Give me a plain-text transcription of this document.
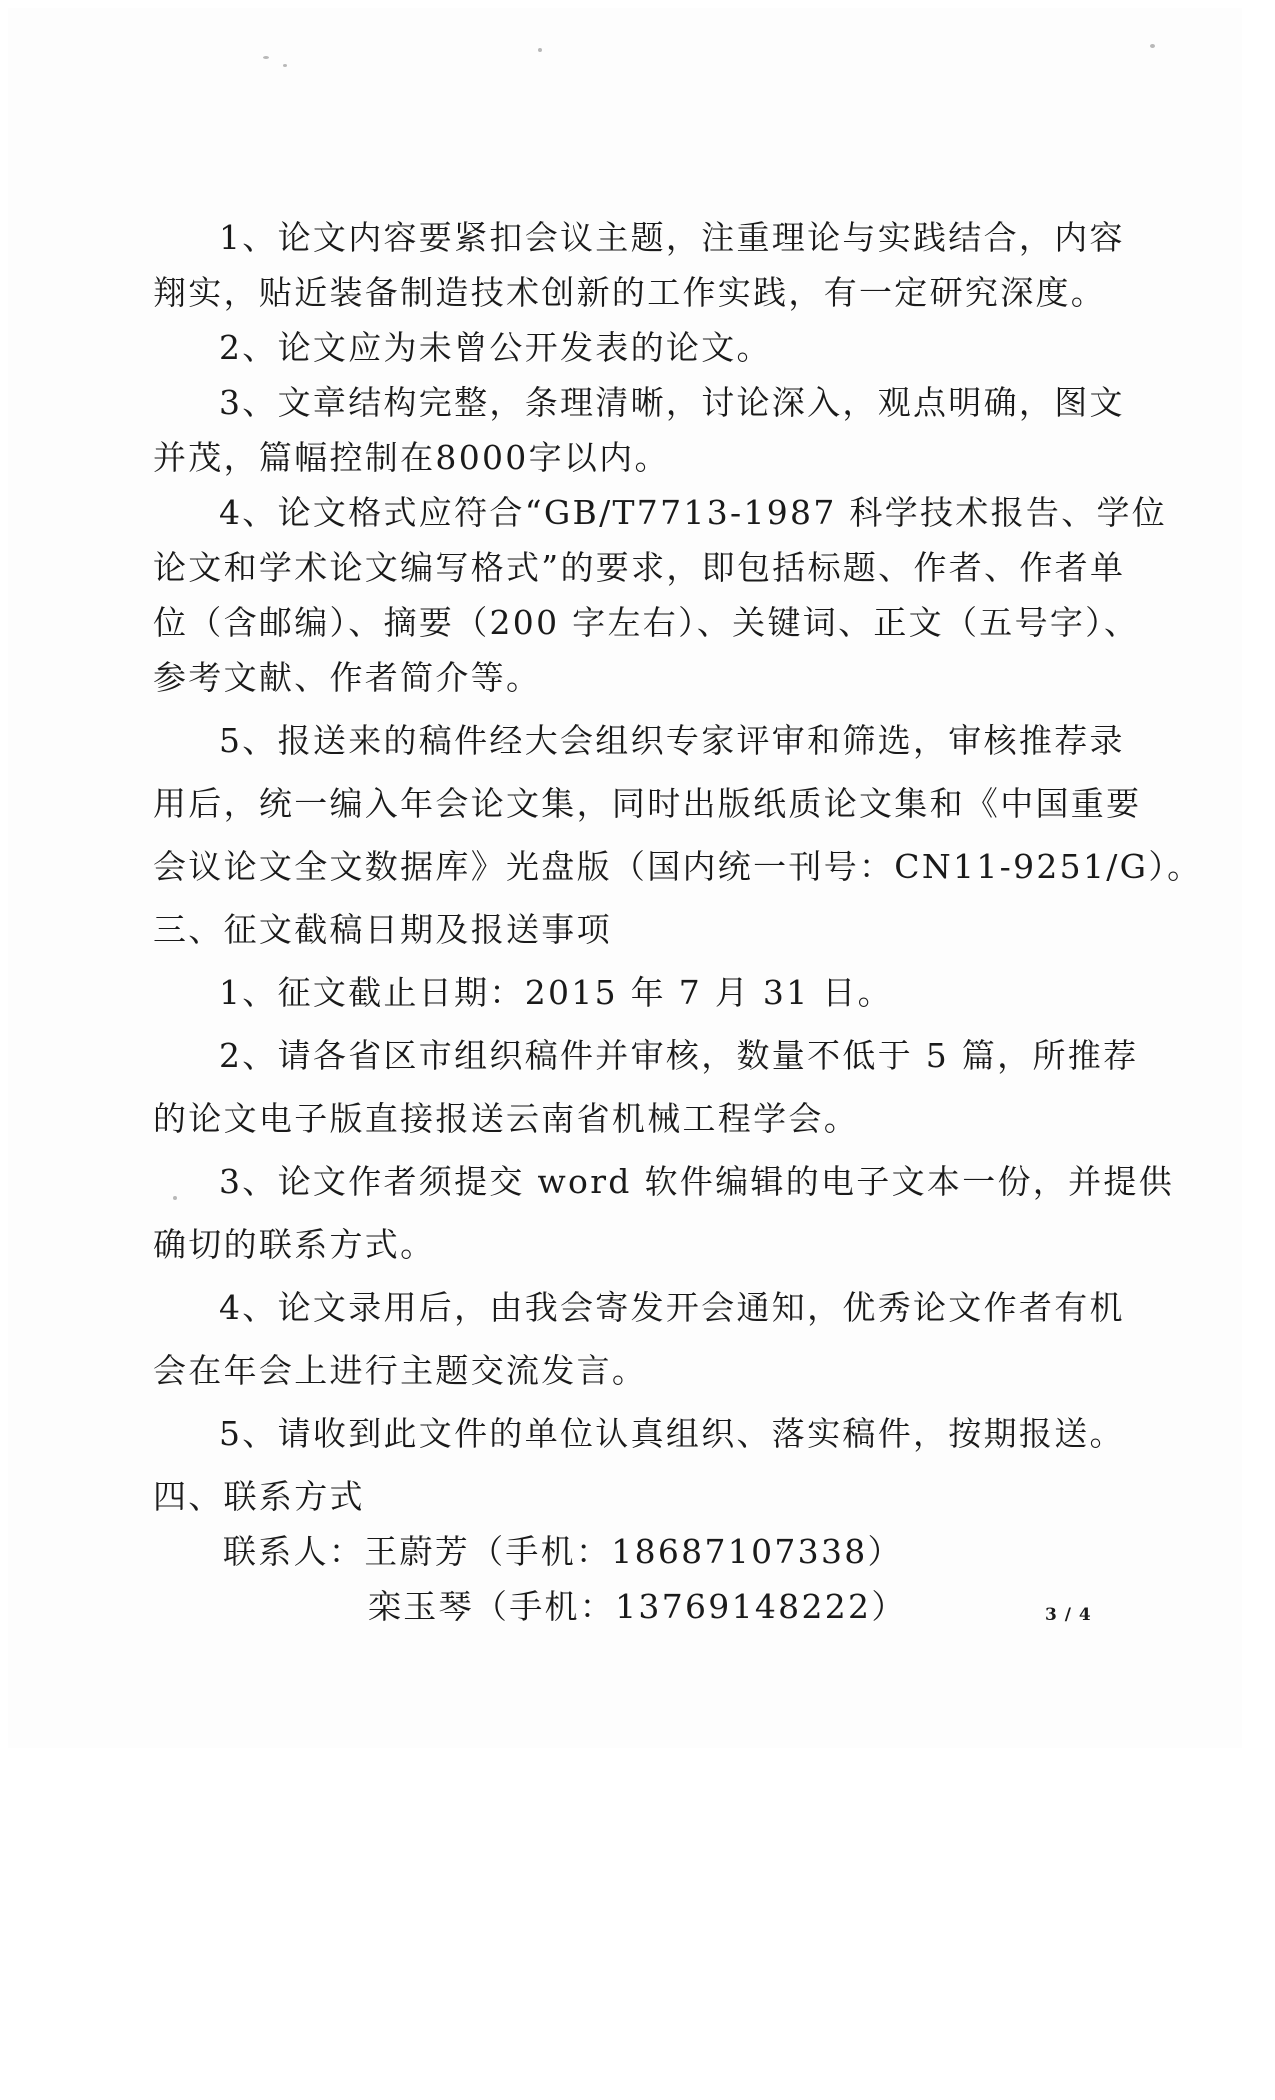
1、论文内容要紧扣会议主题，注重理论与实践结合，内容
翔实，贴近装备制造技术创新的工作实践，有一定研究深度。
2、论文应为未曾公开发表的论文。
3、文章结构完整，条理清晰，讨论深入，观点明确，图文
并茂，篇幅控制在8000字以内。
4、论文格式应符合“GB/T7713-1987 科学技术报告、学位
论文和学术论文编写格式”的要求，即包括标题、作者、作者单
位（含邮编）、摘要（200 字左右）、关键词、正文（五号字）、
参考文献、作者简介等。
5、报送来的稿件经大会组织专家评审和筛选，审核推荐录
用后，统一编入年会论文集，同时出版纸质论文集和《中国重要
会议论文全文数据库》光盘版（国内统一刊号：CN11-9251/G）。
三、征文截稿日期及报送事项
1、征文截止日期：2015 年 7 月 31 日。
2、请各省区市组织稿件并审核，数量不低于 5 篇，所推荐
的论文电子版直接报送云南省机械工程学会。
3、论文作者须提交 word 软件编辑的电子文本一份，并提供
确切的联系方式。
4、论文录用后，由我会寄发开会通知，优秀论文作者有机
会在年会上进行主题交流发言。
5、请收到此文件的单位认真组织、落实稿件，按期报送。
四、联系方式
联系人：王蔚芳（手机：18687107338）
栾玉琴（手机：13769148222）	3 / 4
